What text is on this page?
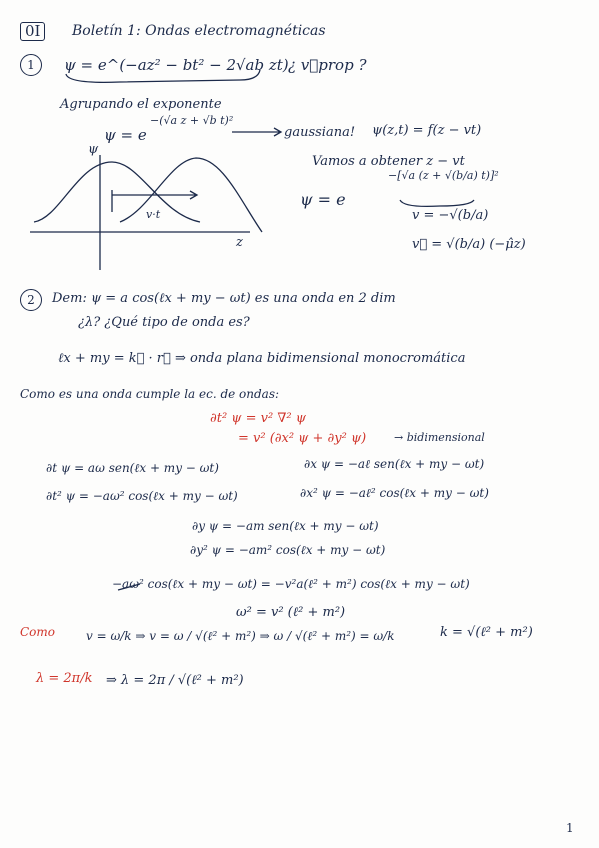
0I	Boletín 1: Ondas electromagnéticas
1	ψ = e^(−az² − bt² − 2√ab zt) ¿ v⃗prop ?
Agrupando el exponente
−(√a z + √b t)²
ψ = e	gaussiana! ψ(z,t) = f(z − vt)
Vamos a obtener z − vt
−[√a (z + √(b/a) t)]²
ψ = e
v = −√(b/a)
v⃗ = √(b/a) (−μ̂z)
ψ
z
v·t
2	Dem: ψ = a cos(ℓx + my − ωt) es una onda en 2 dim
¿λ? ¿Qué tipo de onda es?
ℓx + my = k⃗ · r⃗ ⇒ onda plana bidimensional monocromática
Como es una onda cumple la ec. de ondas:
∂t² ψ = v² ∇² ψ
= v² (∂x² ψ + ∂y² ψ)	→ bidimensional
∂t ψ = aω sen(ℓx + my − ωt)	∂x ψ = −aℓ sen(ℓx + my − ωt)
∂t² ψ = −aω² cos(ℓx + my − ωt)	∂x² ψ = −aℓ² cos(ℓx + my − ωt)
∂y ψ = −am sen(ℓx + my − ωt)
∂y² ψ = −am² cos(ℓx + my − ωt)
−aω² cos(ℓx + my − ωt) = −v²a(ℓ² + m²) cos(ℓx + my − ωt)
ω² = v² (ℓ² + m²)
Como	v = ω/k ⇒ v = ω / √(ℓ² + m²) ⇒ ω / √(ℓ² + m²) = ω/k	k = √(ℓ² + m²)
λ = 2π/k ⇒ λ = 2π / √(ℓ² + m²)
1
